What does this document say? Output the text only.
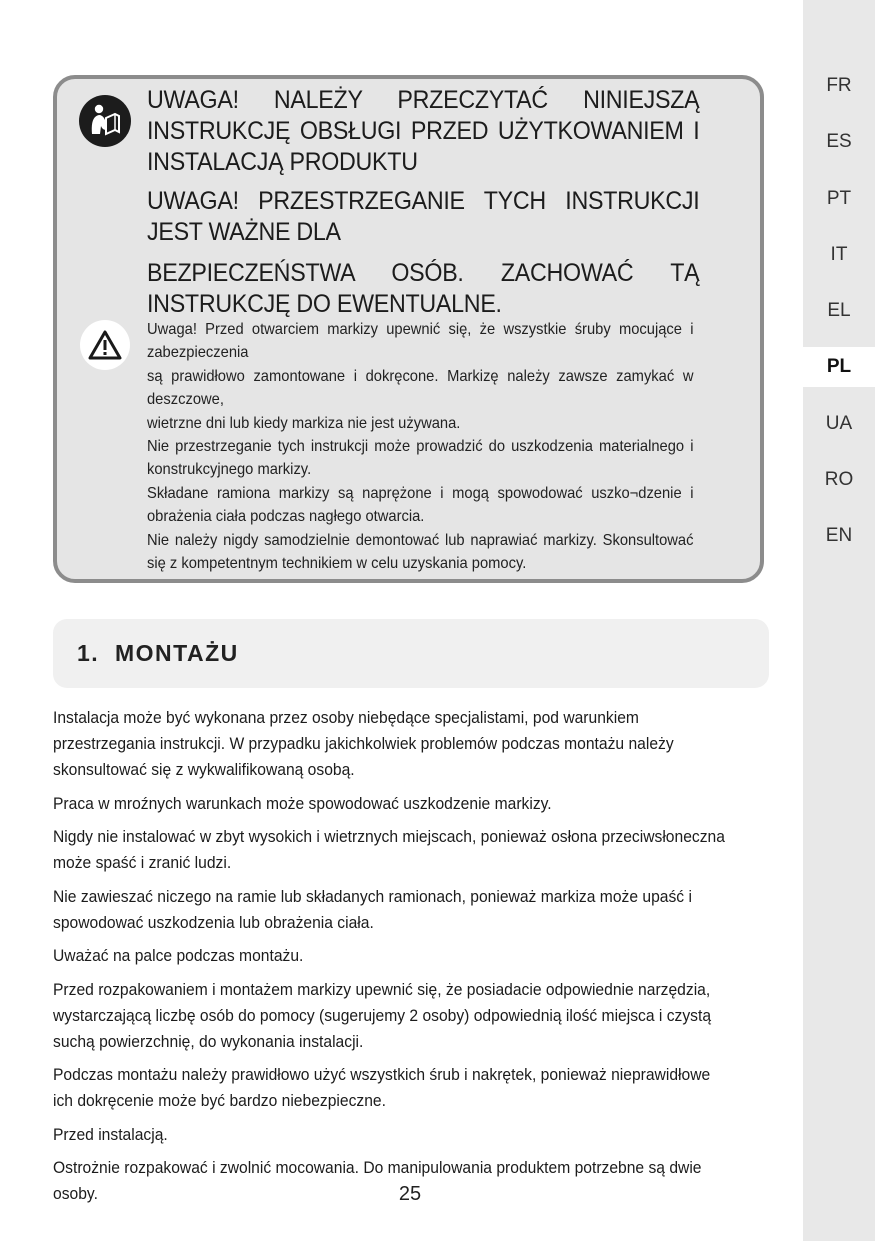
FR
ES
PT
IT
EL
PL
UA
RO
EN

UWAGA! NALEŻY PRZECZYTAĆ NINIEJSZĄ INSTRUKCJĘ OBSŁUGI PRZED UŻYTKOWANIEM I INSTALACJĄ PRODUKTU

UWAGA! PRZESTRZEGANIE TYCH INSTRUKCJI JEST WAŻNE DLA

BEZPIECZEŃSTWA OSÓB. ZACHOWAĆ TĄ INSTRUKCJĘ DO EWENTUALNE.

Uwaga! Przed otwarciem markizy upewnić się, że wszystkie śruby mocujące i zabezpieczenia

są prawidłowo zamontowane i dokręcone. Markizę należy zawsze zamykać w deszczowe,

wietrzne dni lub kiedy markiza nie jest używana.

Nie przestrzeganie tych instrukcji może prowadzić do uszkodzenia materialnego i konstrukcyjnego markizy.

Składane ramiona markizy są naprężone i mogą spowodować uszko¬dzenie i obrażenia ciała podczas nagłego otwarcia.

Nie należy nigdy samodzielnie demontować lub naprawiać markizy. Skonsultować się z kompetentnym technikiem w celu uzyskania pomocy.

1.  MONTAŻU

Instalacja może być wykonana przez osoby niebędące specjalistami, pod warunkiem przestrzegania instrukcji. W przypadku jakichkolwiek problemów podczas montażu należy skonsultować się z wykwalifikowaną osobą.

Praca w mroźnych warunkach może spowodować uszkodzenie markizy.

Nigdy nie instalować w zbyt wysokich i wietrznych miejscach, ponieważ osłona przeciwsłoneczna może spaść i zranić ludzi.

Nie zawieszać niczego na ramie lub składanych ramionach, ponieważ markiza może upaść i spowodować uszkodzenia lub obrażenia ciała.

Uważać na palce podczas montażu.

Przed rozpakowaniem i montażem markizy upewnić się, że posiadacie odpowiednie narzędzia, wystarczającą liczbę osób do pomocy (sugerujemy 2 osoby) odpowiednią ilość miejsca i czystą suchą powierzchnię, do wykonania instalacji.

Podczas montażu należy prawidłowo użyć wszystkich śrub i nakrętek, ponieważ nieprawidłowe ich dokręcenie może być bardzo niebezpieczne.

Przed instalacją.

Ostrożnie rozpakować i zwolnić mocowania. Do manipulowania produktem potrzebne są dwie osoby.	25
